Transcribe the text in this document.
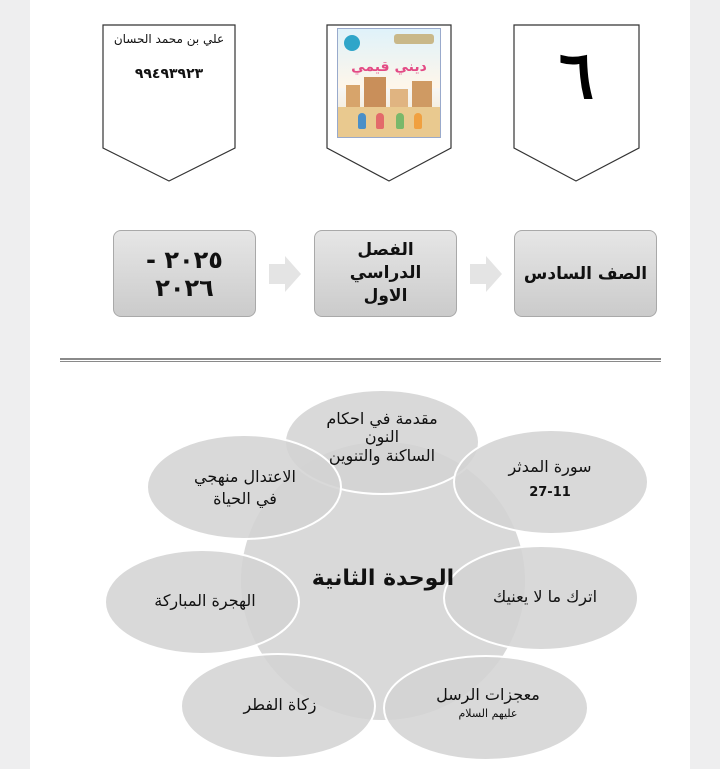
علي بن محمد الحسان
٩٩٤٩٣٩٢٣	ديني قيمي	٦
٢٠٢٥ - ٢٠٢٦
الفصل الدراسي الاول
الصف السادس
الوحدة الثانية
مقدمة في احكام
النون
الساكنة والتنوين
سورة المدثر
27-11
الاعتدال منهجي
في الحياة
اترك ما لا يعنيك
الهجرة المباركة
معجزات الرسل
عليهم السلام
زكاة الفطر
